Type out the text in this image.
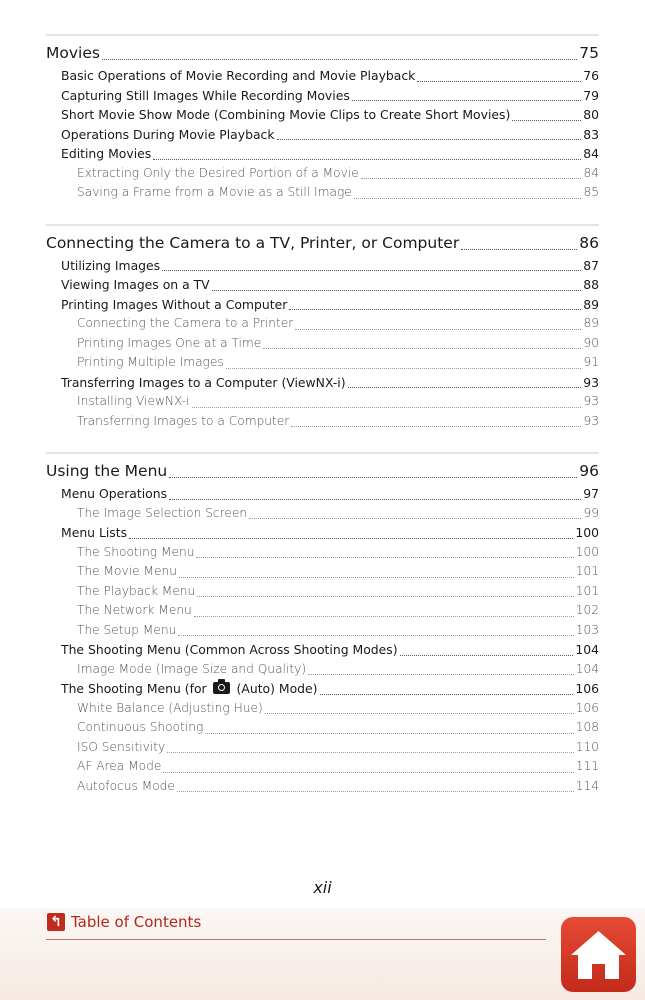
Movies	75
Basic Operations of Movie Recording and Movie Playback	76
Capturing Still Images While Recording Movies	79
Short Movie Show Mode (Combining Movie Clips to Create Short Movies)	80
Operations During Movie Playback	83
Editing Movies	84
Extracting Only the Desired Portion of a Movie	84
Saving a Frame from a Movie as a Still Image	85
Connecting the Camera to a TV, Printer, or Computer	86
Utilizing Images	87
Viewing Images on a TV	88
Printing Images Without a Computer	89
Connecting the Camera to a Printer	89
Printing Images One at a Time	90
Printing Multiple Images	91
Transferring Images to a Computer (ViewNX-i)	93
Installing ViewNX-i	93
Transferring Images to a Computer	93
Using the Menu	96
Menu Operations	97
The Image Selection Screen	99
Menu Lists	100
The Shooting Menu	100
The Movie Menu	101
The Playback Menu	101
The Network Menu	102
The Setup Menu	103
The Shooting Menu (Common Across Shooting Modes)	104
Image Mode (Image Size and Quality)	104
The Shooting Menu (for  (Auto) Mode)	106
White Balance (Adjusting Hue)	106
Continuous Shooting	108
ISO Sensitivity	110
AF Area Mode	111
Autofocus Mode	114
xii
↰ Table of Contents
